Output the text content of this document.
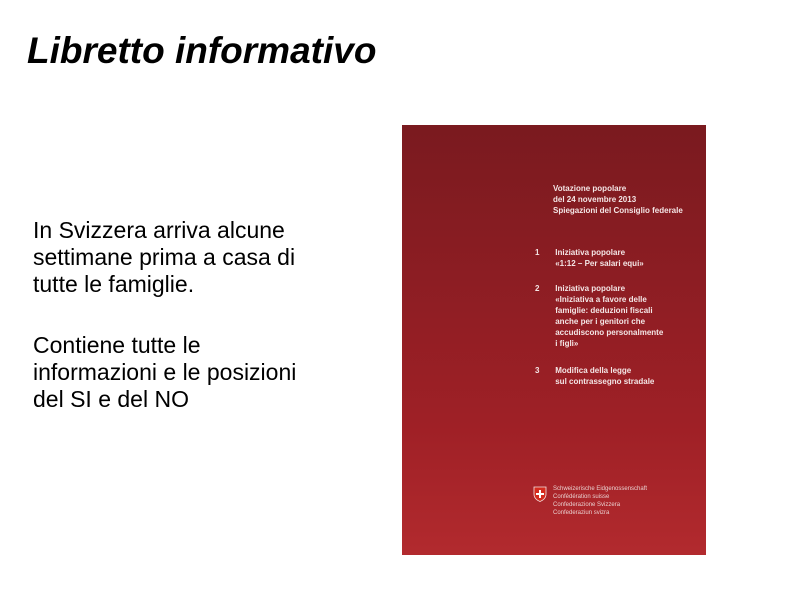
Libretto informativo

In Svizzera arriva alcune settimane prima a casa di tutte le famiglie.

Contiene tutte le informazioni e le posizioni del SI e del NO

Votazione popolare
del 24 novembre 2013
Spiegazioni del Consiglio federale
1 Iniziativa popolare
«1:12 – Per salari equi»
2 Iniziativa popolare
«Iniziativa a favore delle
famiglie: deduzioni fiscali
anche per i genitori che
accudiscono personalmente
i figli»
3 Modifica della legge
sul contrassegno stradale
Schweizerische Eidgenossenschaft
Confédération suisse
Confederazione Svizzera
Confederaziun svizra
